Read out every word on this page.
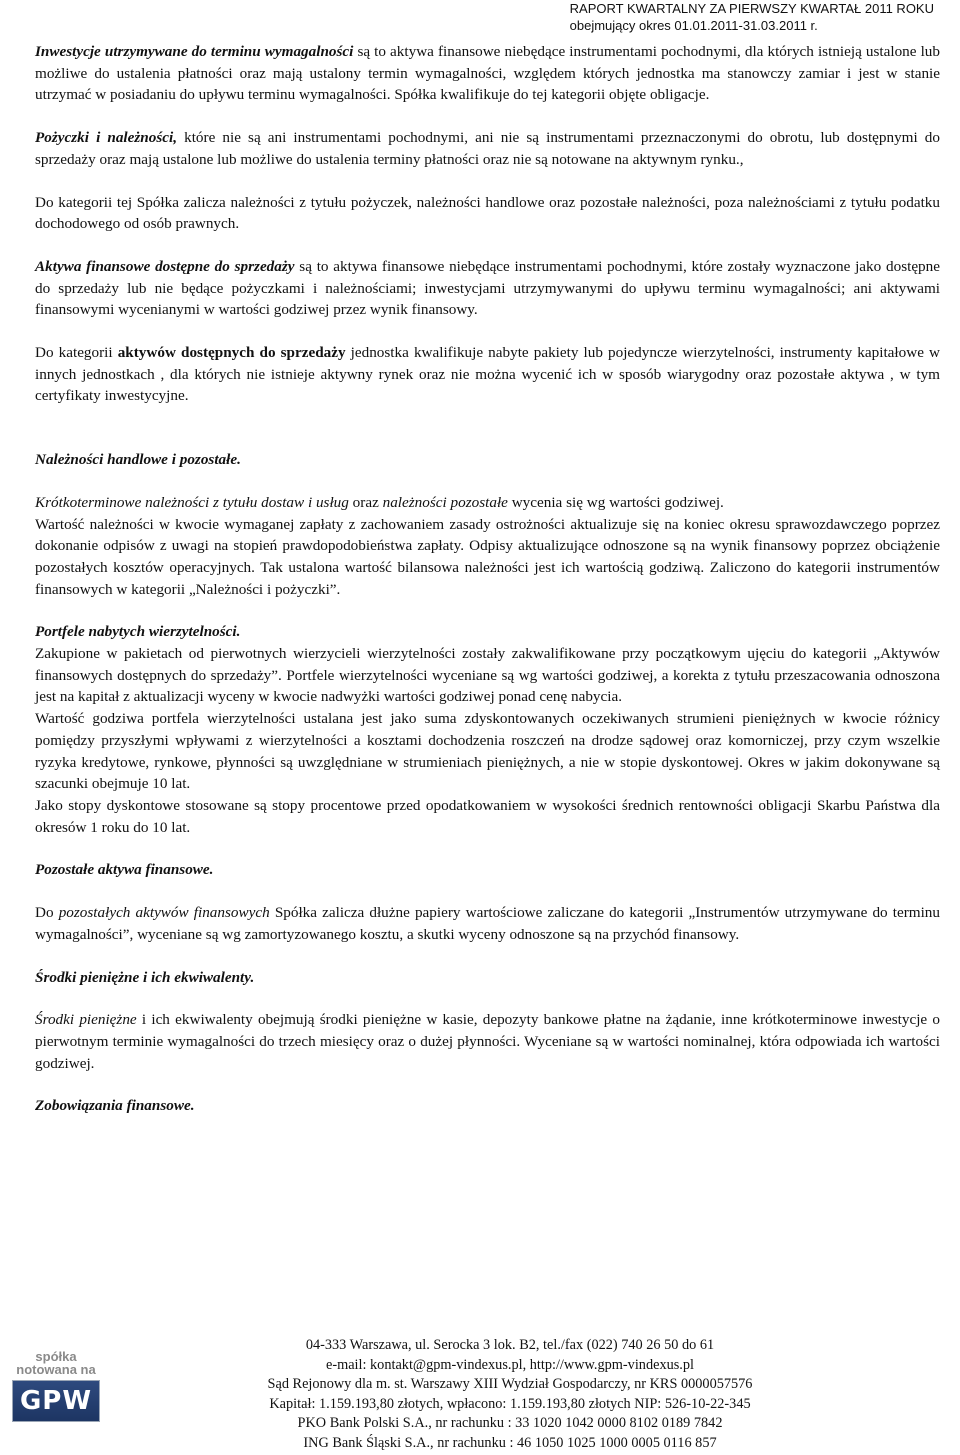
RAPORT KWARTALNY ZA PIERWSZY KWARTAŁ 2011 ROKU
obejmujący okres 01.01.2011-31.03.2011 r.

Inwestycje utrzymywane do terminu wymagalności są to aktywa finansowe niebędące instrumentami pochodnymi, dla których istnieją ustalone lub możliwe do ustalenia płatności oraz mają ustalony termin wymagalności, względem których jednostka ma stanowczy zamiar i jest w stanie utrzymać w posiadaniu do upływu terminu wymagalności. Spółka kwalifikuje do tej kategorii objęte obligacje.

Pożyczki i należności, które nie są ani instrumentami pochodnymi, ani nie są instrumentami przeznaczonymi do obrotu, lub dostępnymi do sprzedaży oraz mają ustalone lub możliwe do ustalenia terminy płatności oraz nie są notowane na aktywnym rynku.,

Do kategorii tej Spółka zalicza należności z tytułu pożyczek, należności handlowe oraz pozostałe należności, poza należnościami z tytułu podatku dochodowego od osób prawnych.

Aktywa finansowe dostępne do sprzedaży są to aktywa finansowe niebędące instrumentami pochodnymi, które zostały wyznaczone jako dostępne do sprzedaży lub nie będące pożyczkami i należnościami; inwestycjami utrzymywanymi do upływu terminu wymagalności; ani aktywami finansowymi wycenianymi w wartości godziwej przez wynik finansowy.

Do kategorii aktywów dostępnych do sprzedaży jednostka kwalifikuje nabyte pakiety lub pojedyncze wierzytelności, instrumenty kapitałowe w innych jednostkach , dla których nie istnieje aktywny rynek oraz nie można wycenić ich w sposób wiarygodny oraz pozostałe aktywa , w tym certyfikaty inwestycyjne.

Należności handlowe i pozostałe.

Krótkoterminowe należności z tytułu dostaw i usług oraz należności pozostałe wycenia się wg wartości godziwej.

Wartość należności w kwocie wymaganej zapłaty z zachowaniem zasady ostrożności aktualizuje się na koniec okresu sprawozdawczego poprzez dokonanie odpisów z uwagi na stopień prawdopodobieństwa zapłaty. Odpisy aktualizujące odnoszone są na wynik finansowy poprzez obciążenie pozostałych kosztów operacyjnych. Tak ustalona wartość bilansowa należności jest ich wartością godziwą. Zaliczono do kategorii instrumentów finansowych w kategorii „Należności i pożyczki”.

Portfele nabytych wierzytelności.

Zakupione w pakietach od pierwotnych wierzycieli wierzytelności zostały zakwalifikowane przy początkowym ujęciu do kategorii „Aktywów finansowych dostępnych do sprzedaży”. Portfele wierzytelności wyceniane są wg wartości godziwej, a korekta z tytułu przeszacowania odnoszona jest na kapitał z aktualizacji wyceny w kwocie nadwyżki wartości godziwej ponad cenę nabycia.

Wartość godziwa portfela wierzytelności ustalana jest jako suma zdyskontowanych oczekiwanych strumieni pieniężnych w kwocie różnicy pomiędzy przyszłymi wpływami z wierzytelności a kosztami dochodzenia roszczeń na drodze sądowej oraz komorniczej, przy czym wszelkie ryzyka kredytowe, rynkowe, płynności są uwzględniane w strumieniach pieniężnych, a nie w stopie dyskontowej. Okres w jakim dokonywane są szacunki obejmuje 10 lat.

Jako stopy dyskontowe stosowane są stopy procentowe przed opodatkowaniem w wysokości średnich rentowności obligacji Skarbu Państwa dla okresów 1 roku do 10 lat.

Pozostałe aktywa finansowe.

Do pozostałych aktywów finansowych Spółka zalicza dłużne papiery wartościowe zaliczane do kategorii „Instrumentów utrzymywane do terminu wymagalności”, wyceniane są wg zamortyzowanego kosztu, a skutki wyceny odnoszone są na przychód finansowy.

Środki pieniężne i ich ekwiwalenty.

Środki pieniężne i ich ekwiwalenty obejmują środki pieniężne w kasie, depozyty bankowe płatne na żądanie, inne krótkoterminowe inwestycje o pierwotnym terminie wymagalności do trzech miesięcy oraz o dużej płynności. Wyceniane są w wartości nominalnej, która odpowiada ich wartości godziwej.

Zobowiązania finansowe.

spółka
notowana na
GPW
04-333 Warszawa, ul. Serocka 3 lok. B2, tel./fax (022) 740 26 50 do 61
e-mail: kontakt@gpm-vindexus.pl, http://www.gpm-vindexus.pl
Sąd Rejonowy dla m. st. Warszawy XIII Wydział Gospodarczy, nr KRS 0000057576
Kapitał: 1.159.193,80 złotych, wpłacono: 1.159.193,80 złotych NIP: 526-10-22-345
PKO Bank Polski S.A., nr rachunku : 33 1020 1042 0000 8102 0189 7842
ING Bank Śląski S.A., nr rachunku : 46 1050 1025 1000 0005 0116 857
